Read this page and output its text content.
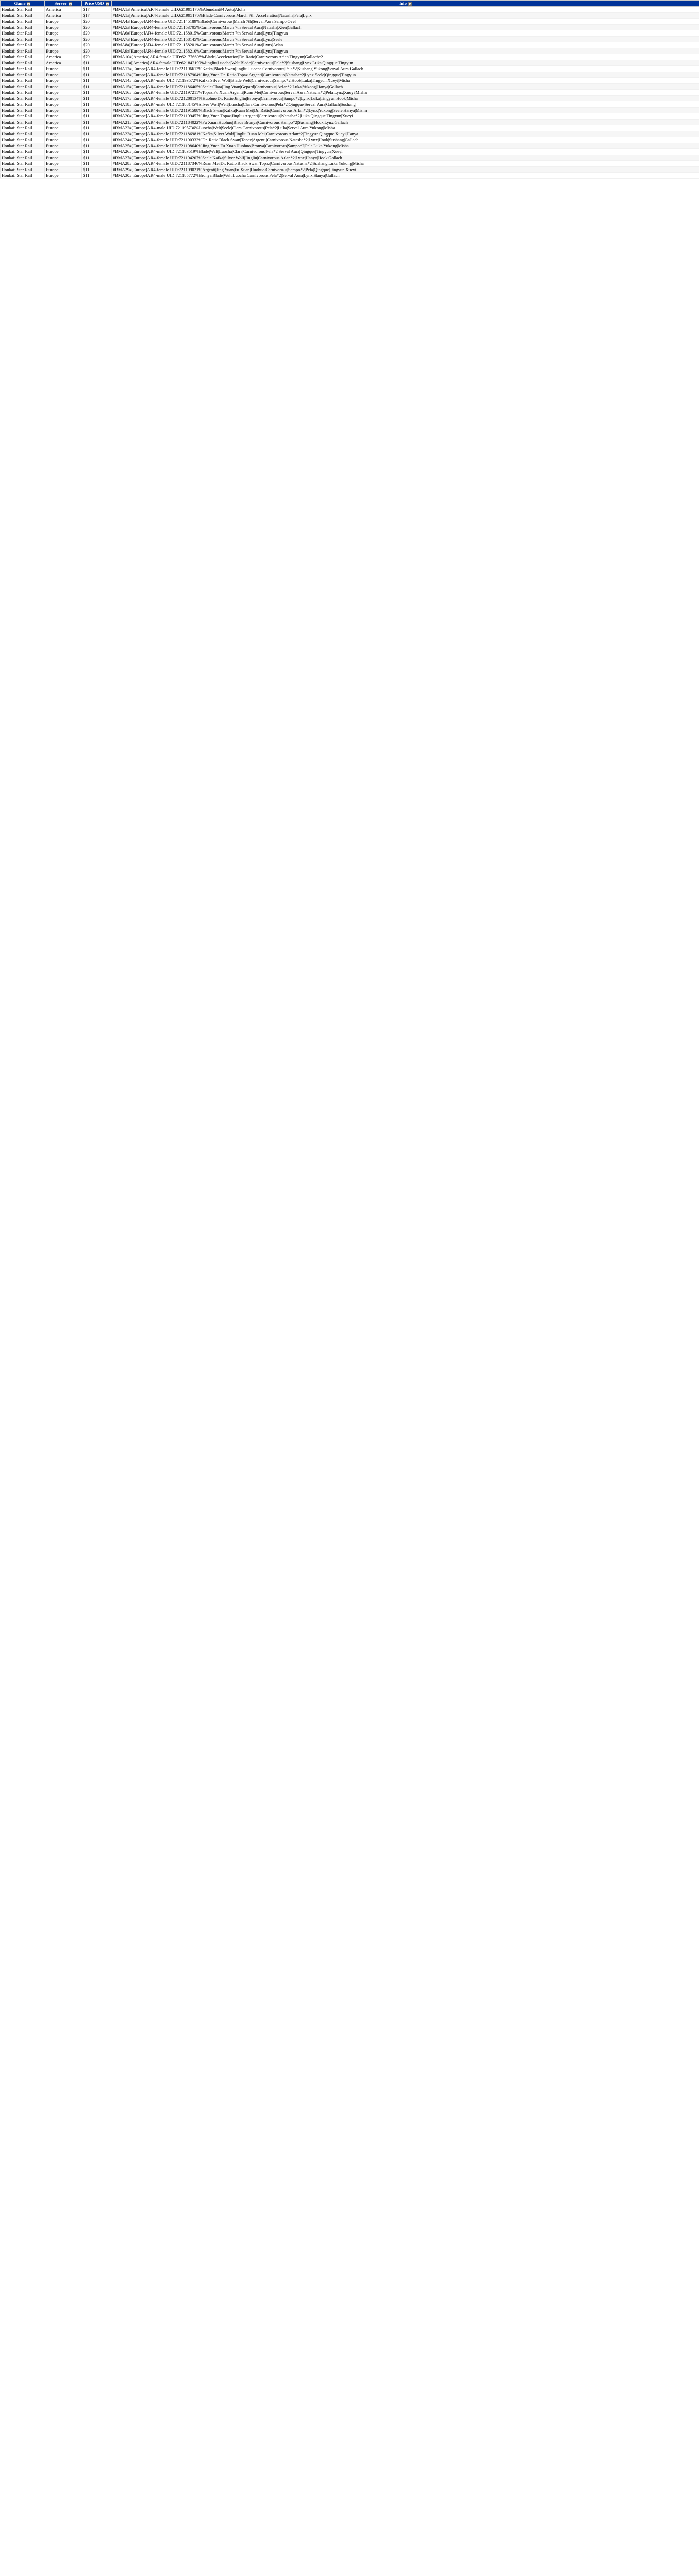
Game	Server	Price USD	Info
Honkai: Star Rail	America	$17	#BMA1#[America]AR4-female UID:621995170%Abundant#4 Auto|Aloha
Honkai: Star Rail	America	$17	#BMA1#[America]AR4-female UID:621995170%Blade|Carnivorous|March 7th| Acceleration|Natasha|Pela|Lynx
Honkai: Star Rail	Europe	$20	#BMA4#[Europe]AR4-female UID:721145189%Blade|Carnivorous|March 7th|Serval Aura|Sampo|Ovel
Honkai: Star Rail	Europe	$20	#BMA5#[Europe]AR4-female UID:721153705%Carnivorous|March 7th|Serval Aura|Natasha|Xien|Gallach
Honkai: Star Rail	Europe	$20	#BMA6#[Europe]AR4-female UID:721158015%Carnivorous|March 7th|Serval Aura|Lynx|Tingyun
Honkai: Star Rail	Europe	$20	#BMA7#[Europe]AR4-female UID:721158145%Carnivorous|March 7th|Serval Aura|Lynx|Seele
Honkai: Star Rail	Europe	$20	#BMA8#[Europe]AR4-female UID:721158201%Carnivorous|March 7th|Serval Aura|Lynx|Arlan
Honkai: Star Rail	Europe	$20	#BMA9#[Europe]AR4-female UID:721158210%Carnivorous|March 7th|Serval Aura|Lynx|Tingyun
Honkai: Star Rail	America	$79	#BMA10#[America]AR4-female UID:621776698%Blade|Acceleration|Dr. Ratio|Carnivorous|Arlan|Tingyun|Gallach*2
Honkai: Star Rail	America	$11	#BMA11#[America]AR4-female UID:621842199%Jingliu|Luocha|Welt|Blade|Carnivorous|Pela*2|Sushang|Lynx|Luka|Qingque|Tingyun
Honkai: Star Rail	Europe	$11	#BMA12#[Europe]AR4-female UID:721196613%Kafka|Black Swan|Jingliu|Luocha|Carnivorous|Pela*2|Sushang|Yukong|Serval Aura|Gallach
Honkai: Star Rail	Europe	$11	#BMA13#[Europe]AR4-female UID:721187904%Jing Yuan|Dr. Ratio|Topaz|Argenti|Carnivorous|Natasha*2|Lynx|Seele|Qingque|Tingyun
Honkai: Star Rail	Europe	$11	#BMA14#[Europe]AR4-male UID:721193572%Kafka|Silver Wolf|Blade|Welt|Carnivorous|Sampo*2|Hook|Luka|Tingyun|Xueyi|Misha
Honkai: Star Rail	Europe	$11	#BMA15#[Europe]AR4-female UID:721186405%Seele|Clara|Jing Yuan|Gepard|Carnivorous|Arlan*2|Luka|Yukong|Hanya|Gallach
Honkai: Star Rail	Europe	$11	#BMA16#[Europe]AR4-female UID:721197211%Topaz|Fu Xuan|Argenti|Ruan Mei|Carnivorous|Serval Aura|Natasha*2|Pela|Lynx|Xueyi|Misha
Honkai: Star Rail	Europe	$11	#BMA17#[Europe]AR4-female UID:721200134%Huohuo|Dr. Ratio|Jingliu|Bronya|Carnivorous|Sampo*2|Lynx|Luka|Tingyun|Hook|Misha
Honkai: Star Rail	Europe	$11	#BMA18#[Europe]AR4-male UID:721188145%Silver Wolf|Welt|Luocha|Clara|Carnivorous|Pela*2|Qingque|Serval Aura|Gallach|Sushang
Honkai: Star Rail	Europe	$11	#BMA19#[Europe]AR4-female UID:721191588%Black Swan|Kafka|Ruan Mei|Dr. Ratio|Carnivorous|Arlan*2|Lynx|Yukong|Seele|Hanya|Misha
Honkai: Star Rail	Europe	$11	#BMA20#[Europe]AR4-female UID:721199457%Jing Yuan|Topaz|Jingliu|Argenti|Carnivorous|Natasha*2|Luka|Qingque|Tingyun|Xueyi
Honkai: Star Rail	Europe	$11	#BMA21#[Europe]AR4-female UID:721184022%Fu Xuan|Huohuo|Blade|Bronya|Carnivorous|Sampo*2|Sushang|Hook|Lynx|Gallach
Honkai: Star Rail	Europe	$11	#BMA22#[Europe]AR4-male UID:721195736%Luocha|Welt|Seele|Clara|Carnivorous|Pela*2|Luka|Serval Aura|Yukong|Misha
Honkai: Star Rail	Europe	$11	#BMA23#[Europe]AR4-female UID:721186981%Kafka|Silver Wolf|Jingliu|Ruan Mei|Carnivorous|Arlan*2|Tingyun|Qingque|Xueyi|Hanya
Honkai: Star Rail	Europe	$11	#BMA24#[Europe]AR4-female UID:721190333%Dr. Ratio|Black Swan|Topaz|Argenti|Carnivorous|Natasha*2|Lynx|Hook|Sushang|Gallach
Honkai: Star Rail	Europe	$11	#BMA25#[Europe]AR4-female UID:721198640%Jing Yuan|Fu Xuan|Huohuo|Bronya|Carnivorous|Sampo*2|Pela|Luka|Yukong|Misha
Honkai: Star Rail	Europe	$11	#BMA26#[Europe]AR4-male UID:721183519%Blade|Welt|Luocha|Clara|Carnivorous|Pela*2|Serval Aura|Qingque|Tingyun|Xueyi
Honkai: Star Rail	Europe	$11	#BMA27#[Europe]AR4-female UID:721194207%Seele|Kafka|Silver Wolf|Jingliu|Carnivorous|Arlan*2|Lynx|Hanya|Hook|Gallach
Honkai: Star Rail	Europe	$11	#BMA28#[Europe]AR4-female UID:721187346%Ruan Mei|Dr. Ratio|Black Swan|Topaz|Carnivorous|Natasha*2|Sushang|Luka|Yukong|Misha
Honkai: Star Rail	Europe	$11	#BMA29#[Europe]AR4-female UID:721199021%Argenti|Jing Yuan|Fu Xuan|Huohuo|Carnivorous|Sampo*2|Pela|Qingque|Tingyun|Xueyi
Honkai: Star Rail	Europe	$11	#BMA30#[Europe]AR4-male UID:721185772%Bronya|Blade|Welt|Luocha|Carnivorous|Pela*2|Serval Aura|Lynx|Hanya|Gallach
